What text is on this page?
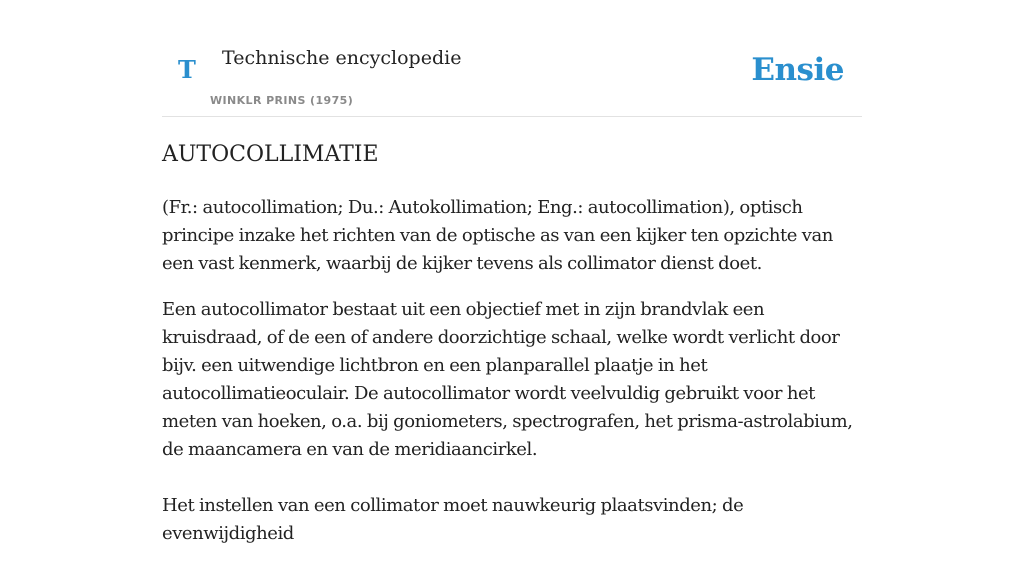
T Technische encyclopedie
WINKLR PRINS (1975)
Ensie
AUTOCOLLIMATIE

(Fr.: autocollimation; Du.: Autokollimation; Eng.: autocollimation), optisch principe inzake het richten van de optische as van een kijker ten opzichte van een vast kenmerk, waarbij de kijker tevens als collimator dienst doet.

Een autocollimator bestaat uit een objectief met in zijn brandvlak een kruisdraad, of de een of andere doorzichtige schaal, welke wordt verlicht door bijv. een uitwendige lichtbron en een planparallel plaatje in het autocollimatieoculair. De autocollimator wordt veelvuldig gebruikt voor het meten van hoeken, o.a. bij goniometers, spectrografen, het prisma-astrolabium, de maancamera en van de meridiaancirkel.

Het instellen van een collimator moet nauwkeurig plaatsvinden; de evenwijdigheid
